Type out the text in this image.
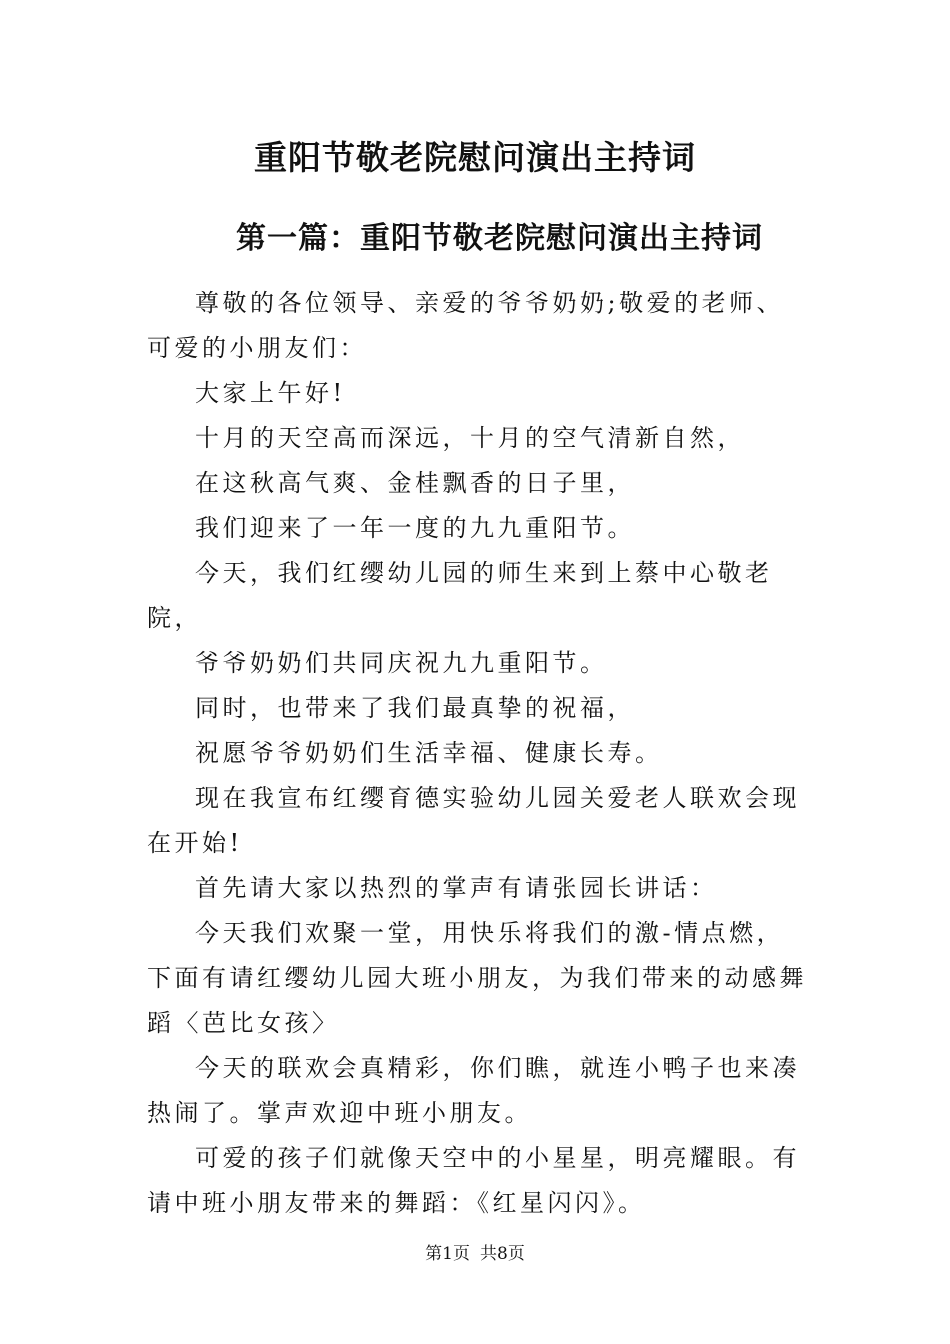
重阳节敬老院慰问演出主持词
第一篇：重阳节敬老院慰问演出主持词

尊敬的各位领导、亲爱的爷爷奶奶;敬爱的老师、可爱的小朋友们：

大家上午好!

十月的天空高而深远，十月的空气清新自然，

在这秋高气爽、金桂飘香的日子里，

我们迎来了一年一度的九九重阳节。

今天，我们红缨幼儿园的师生来到上蔡中心敬老院，

爷爷奶奶们共同庆祝九九重阳节。

同时，也带来了我们最真挚的祝福，

祝愿爷爷奶奶们生活幸福、健康长寿。

现在我宣布红缨育德实验幼儿园关爱老人联欢会现在开始!

首先请大家以热烈的掌声有请张园长讲话：

今天我们欢聚一堂，用快乐将我们的激-情点燃，下面有请红缨幼儿园大班小朋友，为我们带来的动感舞蹈〈芭比女孩〉

今天的联欢会真精彩，你们瞧，就连小鸭子也来凑热闹了。掌声欢迎中班小朋友。

可爱的孩子们就像天空中的小星星，明亮耀眼。有请中班小朋友带来的舞蹈：《红星闪闪》。

第1页 共8页
